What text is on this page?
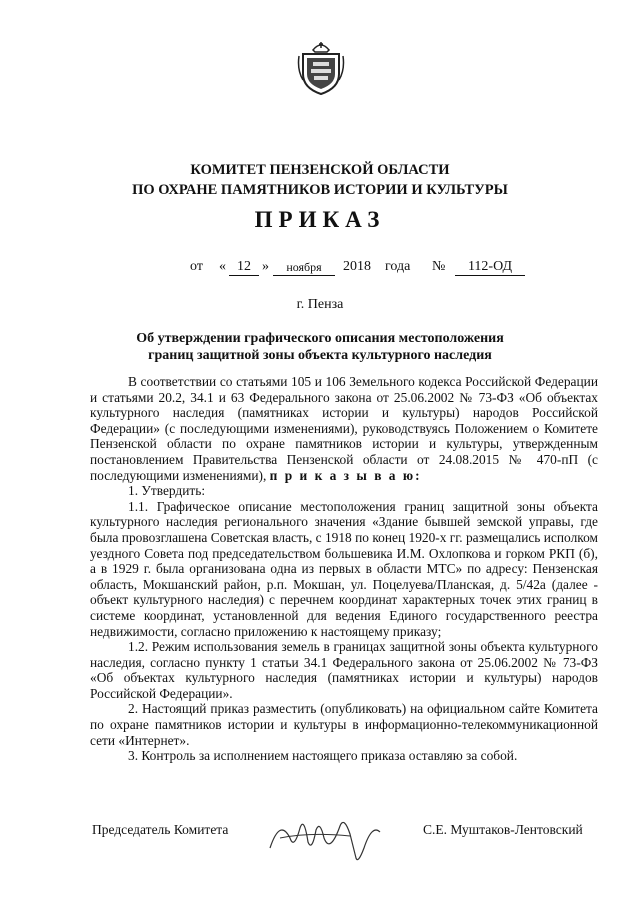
КОМИТЕТ ПЕНЗЕНСКОЙ ОБЛАСТИ
ПО ОХРАНЕ ПАМЯТНИКОВ ИСТОРИИ И КУЛЬТУРЫ
ПРИКАЗ
от « 12 »	ноября	2018 года №	112-ОД
г. Пенза
Об утверждении графического описания местоположения границ защитной зоны объекта культурного наследия

В соответствии со статьями 105 и 106 Земельного кодекса Российской Федерации и статьями 20.2, 34.1 и 63 Федерального закона от 25.06.2002 № 73-ФЗ «Об объектах культурного наследия (памятниках истории и культуры) народов Российской Федерации» (с последующими изменениями), руководствуясь Положением о Комитете Пензенской области по охране памятников истории и культуры, утвержденным постановлением Правительства Пензенской области от 24.08.2015 № 470-пП (с последующими изменениями), п р и к а з ы в а ю:

1. Утвердить:

1.1. Графическое описание местоположения границ защитной зоны объекта культурного наследия регионального значения «Здание бывшей земской управы, где была провозглашена Советская власть, с 1918 по конец 1920-х гг. размещались исполком уездного Совета под председательством большевика И.М. Охлопкова и горком РКП (б), а в 1929 г. была организована одна из первых в области МТС» по адресу: Пензенская область, Мокшанский район, р.п. Мокшан, ул. Поцелуева/Планская, д. 5/42а (далее - объект культурного наследия) с перечнем координат характерных точек этих границ в системе координат, установленной для ведения Единого государственного реестра недвижимости, согласно приложению к настоящему приказу;

1.2. Режим использования земель в границах защитной зоны объекта культурного наследия, согласно пункту 1 статьи 34.1 Федерального закона от 25.06.2002 № 73-ФЗ «Об объектах культурного наследия (памятниках истории и культуры) народов Российской Федерации».

2. Настоящий приказ разместить (опубликовать) на официальном сайте Комитета по охране памятников истории и культуры в информационно-телекоммуникационной сети «Интернет».

3. Контроль за исполнением настоящего приказа оставляю за собой.

Председатель Комитета	С.Е. Муштаков-Лентовский
